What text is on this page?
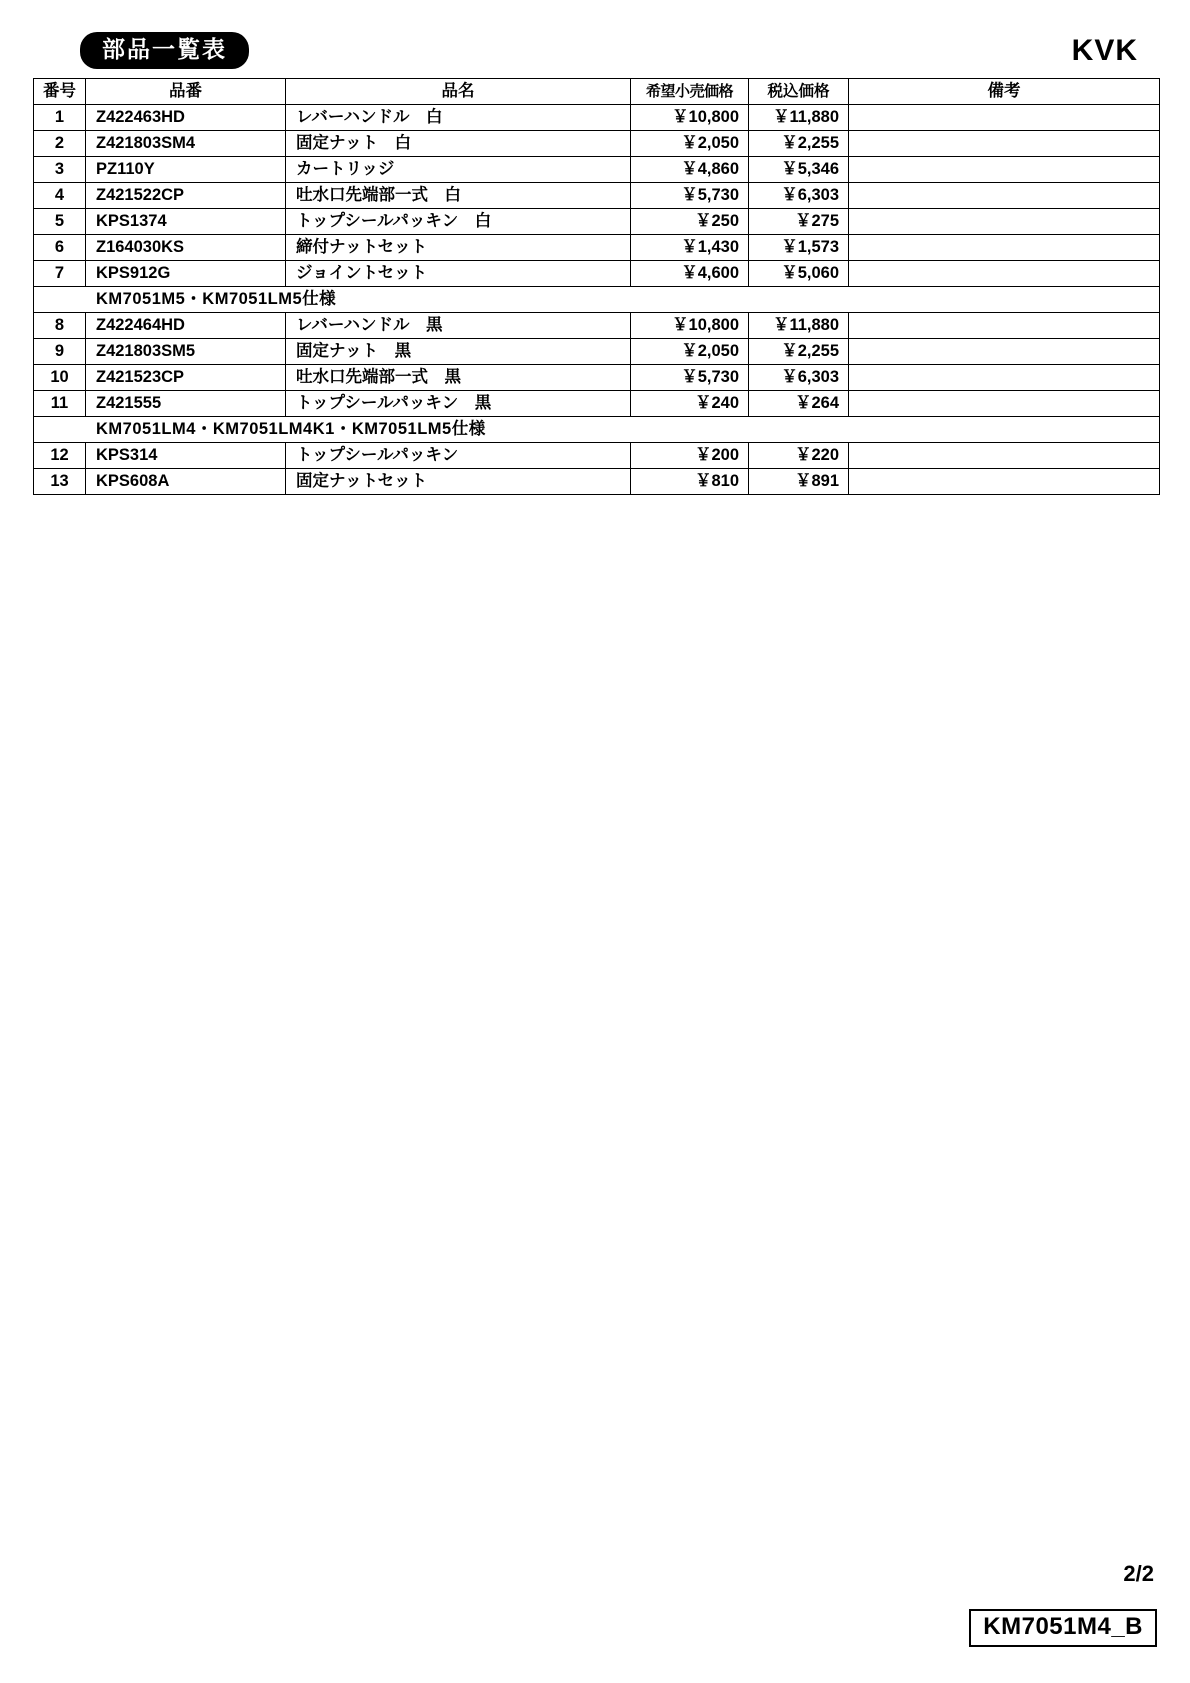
部品一覧表	KVK
番号	品番	品名	希望小売価格	税込価格	備考
1	Z422463HD	レバーハンドル　白	￥10,800	￥11,880	
2	Z421803SM4	固定ナット　白	￥2,050	￥2,255	
3	PZ110Y	カートリッジ	￥4,860	￥5,346	
4	Z421522CP	吐水口先端部一式　白	￥5,730	￥6,303	
5	KPS1374	トップシールパッキン　白	￥250	￥275	
6	Z164030KS	締付ナットセット	￥1,430	￥1,573	
7	KPS912G	ジョイントセット	￥4,600	￥5,060	
KM7051M5・KM7051LM5仕様					
8	Z422464HD	レバーハンドル　黒	￥10,800	￥11,880	
9	Z421803SM5	固定ナット　黒	￥2,050	￥2,255	
10	Z421523CP	吐水口先端部一式　黒	￥5,730	￥6,303	
11	Z421555	トップシールパッキン　黒	￥240	￥264	
KM7051LM4・KM7051LM4K1・KM7051LM5仕様					
12	KPS314	トップシールパッキン	￥200	￥220	
13	KPS608A	固定ナットセット	￥810	￥891	
2/2
KM7051M4_B
